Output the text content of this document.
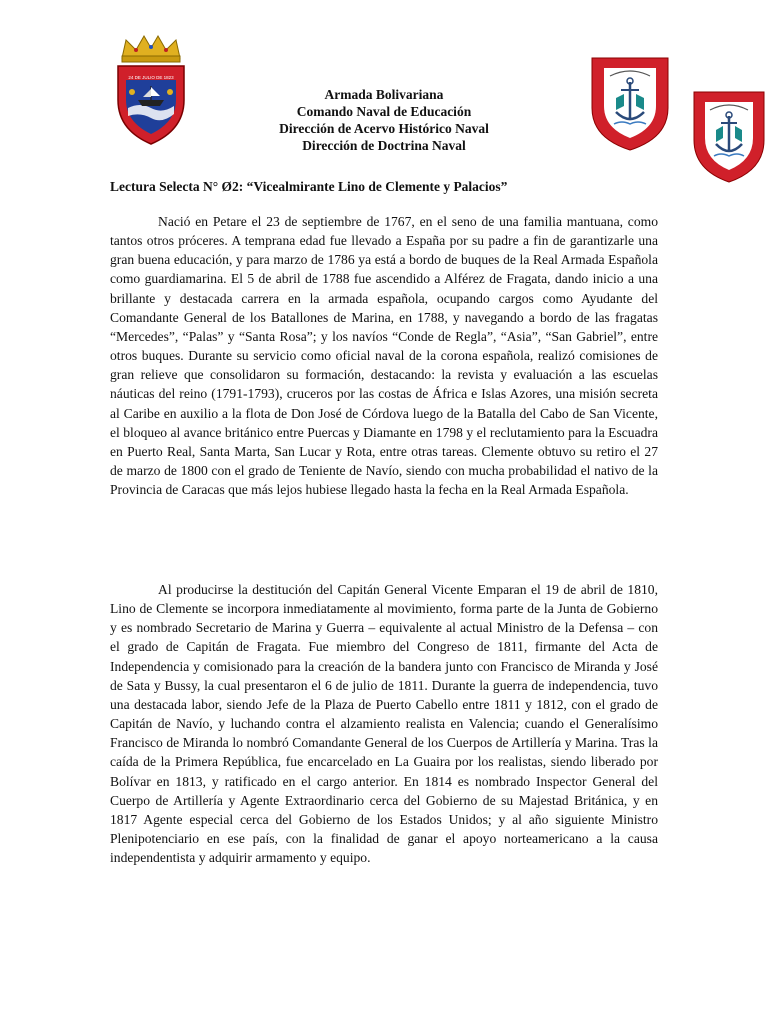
24 DE JULIO DE 1823
Armada Bolivariana
Comando Naval de Educación
Dirección de Acervo Histórico Naval
Dirección de Doctrina Naval
Lectura Selecta N° Ø2: “Vicealmirante Lino de Clemente y Palacios”

Nació en Petare el 23 de septiembre de 1767, en el seno de una familia mantuana, como tantos otros próceres. A temprana edad fue llevado a España por su padre a fin de garantizarle una gran buena educación, y para marzo de 1786 ya está a bordo de buques de la Real Armada Española como guardiamarina. El 5 de abril de 1788 fue ascendido a Alférez de Fragata, dando inicio a una brillante y destacada carrera en la armada española, ocupando cargos como Ayudante del Comandante General de los Batallones de Marina, en 1788, y navegando a bordo de las fragatas “Mercedes”, “Palas” y “Santa Rosa”; y los navíos “Conde de Regla”, “Asia”, “San Gabriel”, entre otros buques. Durante su servicio como oficial naval de la corona española, realizó comisiones de gran relieve que consolidaron su formación, destacando: la revista y evaluación a las escuelas náuticas del reino (1791-1793), cruceros por las costas de África e Islas Azores, una misión secreta al Caribe en auxilio a la flota de Don José de Córdova luego de la Batalla del Cabo de San Vicente, el bloqueo al avance británico entre Puercas y Diamante en 1798 y el reclutamiento para la Escuadra en Puerto Real, Santa Marta, San Lucar y Rota, entre otras tareas. Clemente obtuvo su retiro el 27 de marzo de 1800 con el grado de Teniente de Navío, siendo con mucha probabilidad el nativo de la Provincia de Caracas que más lejos hubiese llegado hasta la fecha en la Real Armada Española.

Al producirse la destitución del Capitán General Vicente Emparan el 19 de abril de 1810, Lino de Clemente se incorpora inmediatamente al movimiento, forma parte de la Junta de Gobierno y es nombrado Secretario de Marina y Guerra – equivalente al actual Ministro de la Defensa – con el grado de Capitán de Fragata. Fue miembro del Congreso de 1811, firmante del Acta de Independencia y comisionado para la creación de la bandera junto con Francisco de Miranda y José de Sata y Bussy, la cual presentaron el 6 de julio de 1811. Durante la guerra de independencia, tuvo una destacada labor, siendo Jefe de la Plaza de Puerto Cabello entre 1811 y 1812, con el grado de Capitán de Navío, y luchando contra el alzamiento realista en Valencia; cuando el Generalísimo Francisco de Miranda lo nombró Comandante General de los Cuerpos de Artillería y Marina. Tras la caída de la Primera República, fue encarcelado en La Guaira por los realistas, siendo liberado por Bolívar en 1813, y ratificado en el cargo anterior. En 1814 es nombrado Inspector General del Cuerpo de Artillería y Agente Extraordinario cerca del Gobierno de su Majestad Británica, y en 1817 Agente especial cerca del Gobierno de los Estados Unidos; y al año siguiente Ministro Plenipotenciario en ese país, con la finalidad de ganar el apoyo norteamericano a la causa independentista y adquirir armamento y equipo.
